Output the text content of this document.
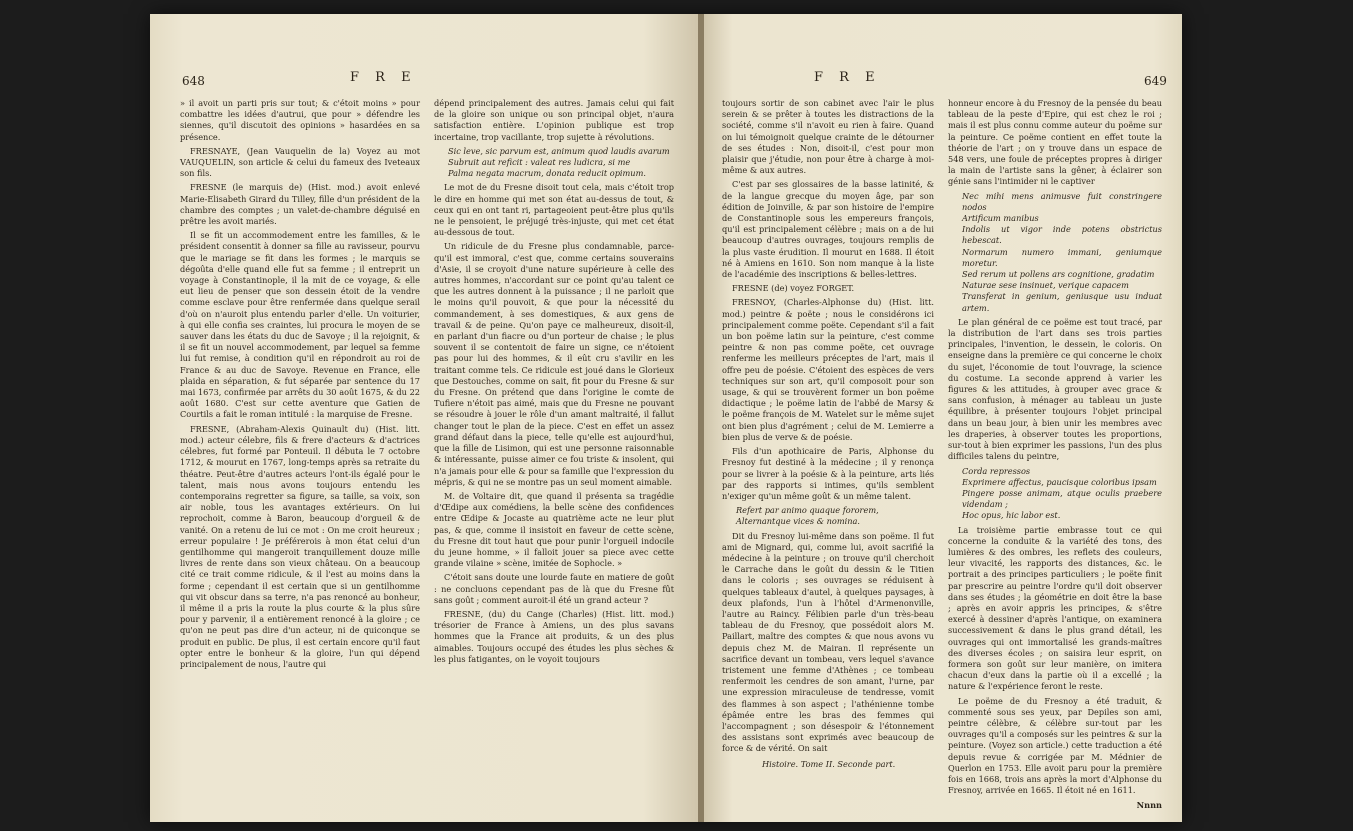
648	F R E

» il avoit un parti pris sur tout; & c'étoit moins » pour combattre les idées d'autrui, que pour » défendre les siennes, qu'il discutoit des opinions » hasardées en sa présence.

FRESNAYE, (Jean Vauquelin de la) Voyez au mot VAUQUELIN, son article & celui du fameux des Iveteaux son fils.

FRESNE (le marquis de) (Hist. mod.) avoit enlevé Marie-Elisabeth Girard du Tilley, fille d'un président de la chambre des comptes ; un valet-de-chambre déguisé en prêtre les avoit mariés.

Il se fit un accommodement entre les familles, & le président consentit à donner sa fille au ravisseur, pourvu que le mariage se fit dans les formes ; le marquis se dégoûta d'elle quand elle fut sa femme ; il entreprit un voyage à Constantinople, il la mit de ce voyage, & elle eut lieu de penser que son dessein étoit de la vendre comme esclave pour être renfermée dans quelque serail d'où on n'auroit plus entendu parler d'elle. Un voiturier, à qui elle confia ses craintes, lui procura le moyen de se sauver dans les états du duc de Savoye ; il la rejoignit, & il se fit un nouvel accommodement, par lequel sa femme lui fut remise, à condition qu'il en répondroit au roi de France & au duc de Savoye. Revenue en France, elle plaida en séparation, & fut séparée par sentence du 17 mai 1673, confirmée par arrêts du 30 août 1675, & du 22 août 1680. C'est sur cette aventure que Gatien de Courtils a fait le roman intitulé : la marquise de Fresne.

FRESNE, (Abraham-Alexis Quinault du) (Hist. litt. mod.) acteur célebre, fils & frere d'acteurs & d'actrices célebres, fut formé par Ponteuil. Il débuta le 7 octobre 1712, & mourut en 1767, long-temps après sa retraite du théatre. Peut-être d'autres acteurs l'ont-ils égalé pour le talent, mais nous avons toujours entendu les contemporains regretter sa figure, sa taille, sa voix, son air noble, tous les avantages extérieurs. On lui reprochoit, comme à Baron, beaucoup d'orgueil & de vanité. On a retenu de lui ce mot : On me croit heureux ; erreur populaire ! Je préférerois à mon état celui d'un gentilhomme qui mangeroit tranquillement douze mille livres de rente dans son vieux château. On a beaucoup cité ce trait comme ridicule, & il l'est au moins dans la forme ; cependant il est certain que si un gentilhomme qui vit obscur dans sa terre, n'a pas renoncé au bonheur, il même il a pris la route la plus courte & la plus sûre pour y parvenir, il a entièrement renoncé à la gloire ; ce qu'on ne peut pas dire d'un acteur, ni de quiconque se produit en public. De plus, il est certain encore qu'il faut opter entre le bonheur & la gloire, l'un qui dépend principalement de nous, l'autre qui

dépend principalement des autres. Jamais celui qui fait de la gloire son unique ou son principal objet, n'aura satisfaction entière. L'opinion publique est trop incertaine, trop vacillante, trop sujette à révolutions.

Sic leve, sic parvum est, animum quod laudis avarum
Subruit aut reficit : valeat res ludicra, si me
Palma negata macrum, donata reducit opimum.

Le mot de du Fresne disoit tout cela, mais c'étoit trop le dire en homme qui met son état au-dessus de tout, & ceux qui en ont tant ri, partageoient peut-être plus qu'ils ne le pensoient, le préjugé très-injuste, qui met cet état au-dessous de tout.

Un ridicule de du Fresne plus condamnable, parce-qu'il est immoral, c'est que, comme certains souverains d'Asie, il se croyoit d'une nature supérieure à celle des autres hommes, n'accordant sur ce point qu'au talent ce que les autres donnent à la puissance ; il ne parloit que le moins qu'il pouvoit, & que pour la nécessité du commandement, à ses domestiques, & aux gens de travail & de peine. Qu'on paye ce malheureux, disoit-il, en parlant d'un fiacre ou d'un porteur de chaise ; le plus souvent il se contentoit de faire un signe, ce n'étoient pas pour lui des hommes, & il eût cru s'avilir en les traitant comme tels. Ce ridicule est joué dans le Glorieux que Destouches, comme on sait, fit pour du Fresne & sur du Fresne. On prétend que dans l'origine le comte de Tufiere n'étoit pas aimé, mais que du Fresne ne pouvant se résoudre à jouer le rôle d'un amant maltraité, il fallut changer tout le plan de la piece. C'est en effet un assez grand défaut dans la piece, telle qu'elle est aujourd'hui, que la fille de Lisimon, qui est une personne raisonnable & intéressante, puisse aimer ce fou triste & insolent, qui n'a jamais pour elle & pour sa famille que l'expression du mépris, & qui ne se montre pas un seul moment aimable.

M. de Voltaire dit, que quand il présenta sa tragédie d'Œdipe aux comédiens, la belle scène des confidences entre Œdipe & Jocaste au quatrième acte ne leur plut pas, & que, comme il insistoit en faveur de cette scène, du Fresne dit tout haut que pour punir l'orgueil indocile du jeune homme, » il falloit jouer sa piece avec cette grande vilaine » scène, imitée de Sophocle. »

C'étoit sans doute une lourde faute en matiere de goût : ne concluons cependant pas de là que du Fresne fût sans goût ; comment auroit-il été un grand acteur ?

FRESNE, (du) du Cange (Charles) (Hist. litt. mod.) trésorier de France à Amiens, un des plus savans hommes que la France ait produits, & un des plus aimables. Toujours occupé des études les plus sèches & les plus fatigantes, on le voyoit toujours

F R E	649

toujours sortir de son cabinet avec l'air le plus serein & se prêter à toutes les distractions de la société, comme s'il n'avoit eu rien à faire. Quand on lui témoignoit quelque crainte de le détourner de ses études : Non, disoit-il, c'est pour mon plaisir que j'étudie, non pour être à charge à moi-même & aux autres.

C'est par ses glossaires de la basse latinité, & de la langue grecque du moyen âge, par son édition de Joinville, & par son histoire de l'empire de Constantinople sous les empereurs françois, qu'il est principalement célèbre ; mais on a de lui beaucoup d'autres ouvrages, toujours remplis de la plus vaste érudition. Il mourut en 1688. Il étoit né à Amiens en 1610. Son nom manque à la liste de l'académie des inscriptions & belles-lettres.

FRESNE (de) voyez FORGET.

FRESNOY, (Charles-Alphonse du) (Hist. litt. mod.) peintre & poëte ; nous le considérons ici principalement comme poëte. Cependant s'il a fait un bon poëme latin sur la peinture, c'est comme peintre & non pas comme poëte, cet ouvrage renferme les meilleurs préceptes de l'art, mais il offre peu de poésie. C'étoient des espèces de vers techniques sur son art, qu'il composoit pour son usage, & qui se trouvèrent former un bon poëme didactique ; le poëme latin de l'abbé de Marsy & le poëme françois de M. Watelet sur le même sujet ont bien plus d'agrément ; celui de M. Lemierre a bien plus de verve & de poésie.

Fils d'un apothicaire de Paris, Alphonse du Fresnoy fut destiné à la médecine ; il y renonça pour se livrer à la poésie & à la peinture, arts liés par des rapports si intimes, qu'ils semblent n'exiger qu'un même goût & un même talent.

Refert par animo quaque fororem,
Alternantque vices & nomina.

Dit du Fresnoy lui-même dans son poëme. Il fut ami de Mignard, qui, comme lui, avoit sacrifié la médecine à la peinture ; on trouve qu'il cherchoit le Carrache dans le goût du dessin & le Titien dans le coloris ; ses ouvrages se réduisent à quelques tableaux d'autel, à quelques paysages, à deux plafonds, l'un à l'hôtel d'Armenonville, l'autre au Raincy. Félibien parle d'un très-beau tableau de du Fresnoy, que possédoit alors M. Paillart, maître des comptes & que nous avons vu depuis chez M. de Mairan. Il représente un sacrifice devant un tombeau, vers lequel s'avance tristement une femme d'Athènes ; ce tombeau renfermoit les cendres de son amant, l'urne, par une expression miraculeuse de tendresse, vomit des flammes à son aspect ; l'athénienne tombe épâmée entre les bras des femmes qui l'accompagnent ; son désespoir & l'étonnement des assistans sont exprimés avec beaucoup de force & de vérité. On sait

Histoire. Tome II. Seconde part.

honneur encore à du Fresnoy de la pensée du beau tableau de la peste d'Epire, qui est chez le roi ; mais il est plus connu comme auteur du poëme sur la peinture. Ce poëme contient en effet toute la théorie de l'art ; on y trouve dans un espace de 548 vers, une foule de préceptes propres à diriger la main de l'artiste sans la gêner, à éclairer son génie sans l'intimider ni le captiver

Nec mihi mens animusve fuit constringere nodos
Artificum manibus
Indolis ut vigor inde potens obstrictus hebescat.
Normarum numero immani, geniumque moretur.
Sed rerum ut pollens ars cognitione, gradatim
Naturae sese insinuet, verique capacem
Transferat in genium, geniusque usu induat artem.

Le plan général de ce poëme est tout tracé, par la distribution de l'art dans ses trois parties principales, l'invention, le dessein, le coloris. On enseigne dans la première ce qui concerne le choix du sujet, l'économie de tout l'ouvrage, la science du costume. La seconde apprend à varier les figures & les attitudes, à grouper avec grace & sans confusion, à ménager au tableau un juste équilibre, à présenter toujours l'objet principal dans un beau jour, à bien unir les membres avec les draperies, à observer toutes les proportions, sur-tout à bien exprimer les passions, l'un des plus difficiles talens du peintre,

Corda repressos
Exprimere affectus, paucisque coloribus ipsam
Pingere posse animam, atque oculis praebere videndam ;
Hoc opus, hic labor est.

La troisième partie embrasse tout ce qui concerne la conduite & la variété des tons, des lumières & des ombres, les reflets des couleurs, leur vivacité, les rapports des distances, &c. le portrait a des principes particuliers ; le poëte finit par prescrire au peintre l'ordre qu'il doit observer dans ses études ; la géométrie en doit être la base ; après en avoir appris les principes, & s'être exercé à dessiner d'après l'antique, on examinera successivement & dans le plus grand détail, les ouvrages qui ont immortalisé les grands-maîtres des diverses écoles ; on saisira leur esprit, on formera son goût sur leur manière, on imitera chacun d'eux dans la partie où il a excellé ; la nature & l'expérience feront le reste.

Le poëme de du Fresnoy a été traduit, & commenté sous ses yeux, par Depiles son ami, peintre célèbre, & célèbre sur-tout par les ouvrages qu'il a composés sur les peintres & sur la peinture. (Voyez son article.) cette traduction a été depuis revue & corrigée par M. Médnier de Querlon en 1753. Elle avoit paru pour la première fois en 1668, trois ans après la mort d'Alphonse du Fresnoy, arrivée en 1665. Il étoit né en 1611.

Nnnn
